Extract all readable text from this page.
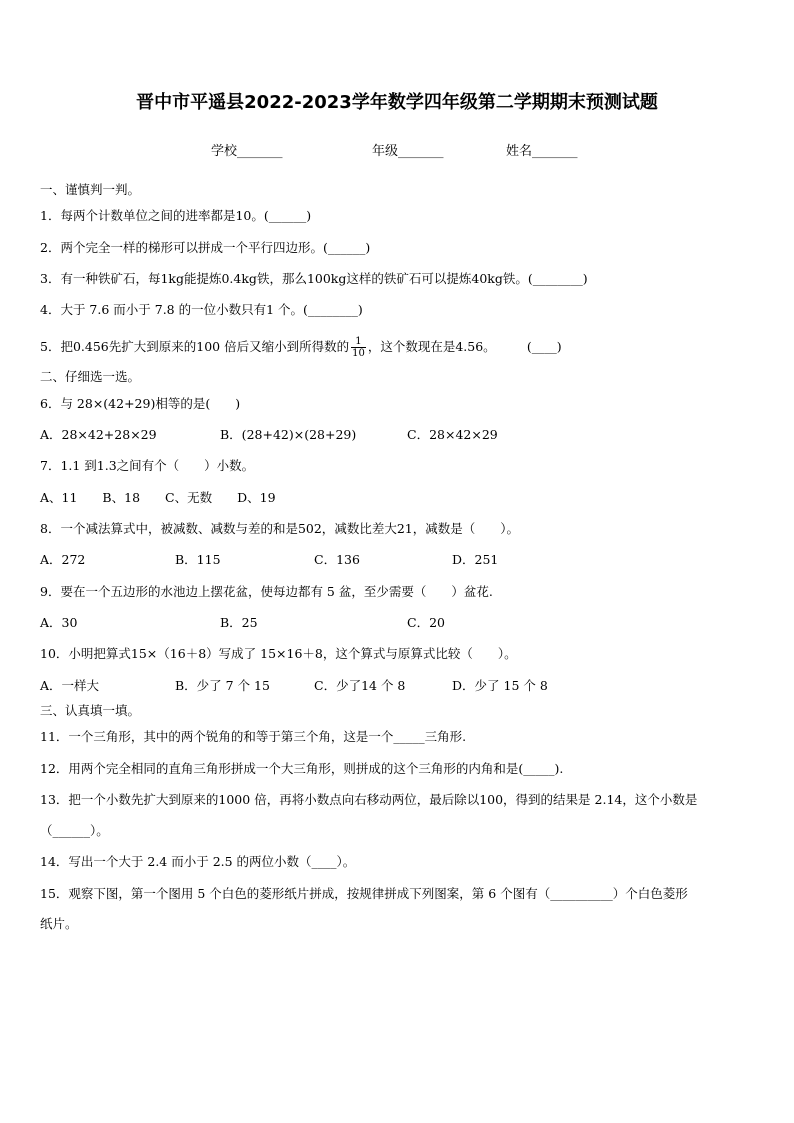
晋中市平遥县2022-2023学年数学四年级第二学期期末预测试题
学校_______	年级_______	姓名_______
一、谨慎判一判。
1．每两个计数单位之间的进率都是10。(______)
2．两个完全一样的梯形可以拼成一个平行四边形。(______)
3．有一种铁矿石，每1kg能提炼0.4kg铁，那么100kg这样的铁矿石可以提炼40kg铁。(________)
4．大于 7.6 而小于 7.8 的一位小数只有1 个。(________)
5．把0.456先扩大到原来的100 倍后又缩小到所得数的 $\frac{1}{10}$ ，这个数现在是4.56。　　　(____)
二、仔细选一选。
6．与 28×(42+29)相等的是(　　)
A．28×42+28×29	B．(28+42)×(28+29)	C．28×42×29
7．1.1 到1.3之间有个（　　）小数。
A、11　　B、18　　C、无数　　D、19
8．一个减法算式中，被减数、减数与差的和是502，减数比差大21，减数是（　　）。
A．272	B．115	C．136	D．251
9．要在一个五边形的水池边上摆花盆，使每边都有 5 盆，至少需要（　　）盆花.
A．30	B．25	C．20
10．小明把算式15×（16＋8）写成了 15×16＋8，这个算式与原算式比较（　　）。
A．一样大	B．少了 7 个 15	C．少了14 个 8	D．少了 15 个 8
三、认真填一填。
11．一个三角形，其中的两个锐角的和等于第三个角，这是一个_____三角形.
12．用两个完全相同的直角三角形拼成一个大三角形，则拼成的这个三角形的内角和是(_____).
13．把一个小数先扩大到原来的1000 倍，再将小数点向右移动两位，最后除以100，得到的结果是 2.14，这个小数是
（______）。
14．写出一个大于 2.4 而小于 2.5 的两位小数（____）。
15．观察下图，第一个图用 5 个白色的菱形纸片拼成，按规律拼成下列图案，第 6 个图有（__________）个白色菱形
纸片。
